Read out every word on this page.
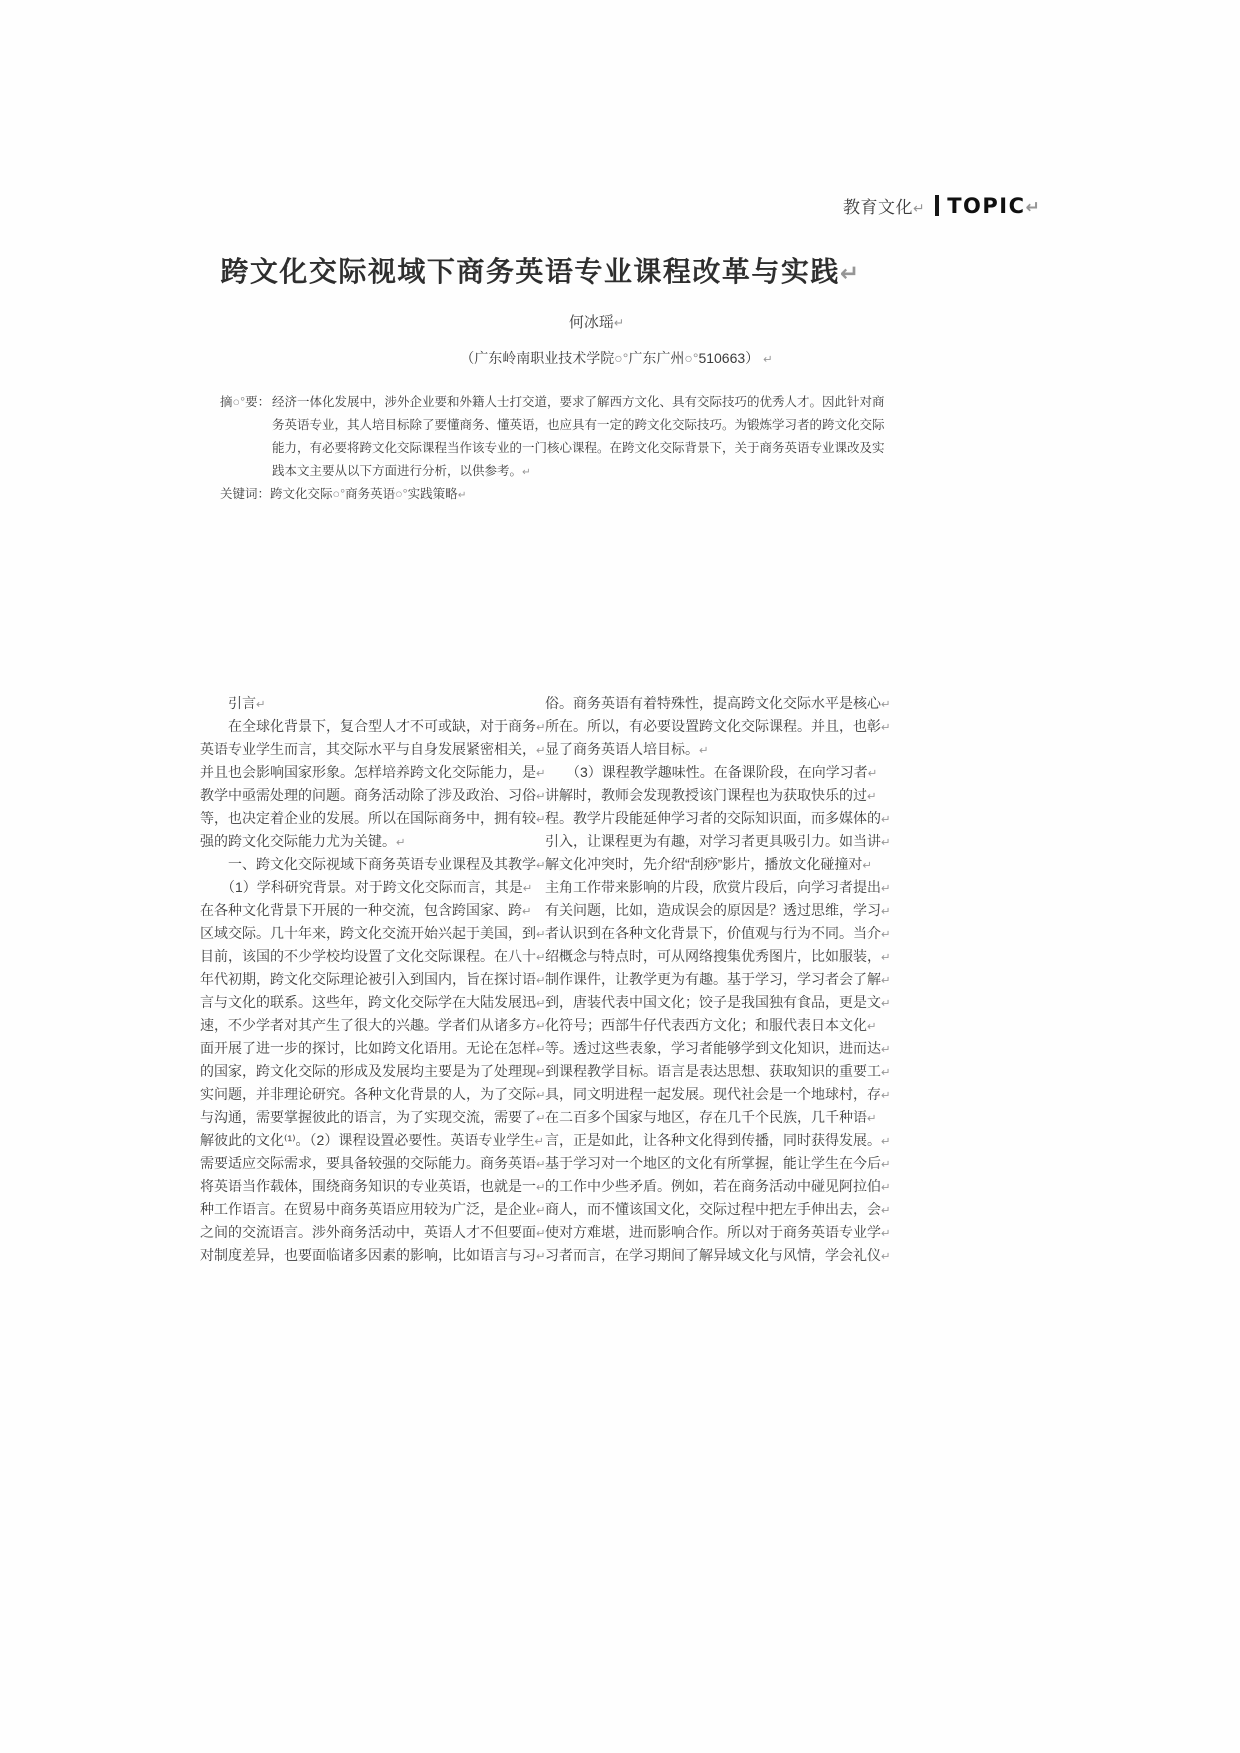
教育文化↵ TOPIC↵
跨文化交际视域下商务英语专业课程改革与实践↵
何冰瑶↵
（广东岭南职业技术学院○°广东广州○°510663） ↵
摘○°要： 经济一体化发展中，涉外企业要和外籍人士打交道，要求了解西方文化、具有交际技巧的优秀人才。因此针对商
务英语专业，其人培目标除了要懂商务、懂英语，也应具有一定的跨文化交际技巧。为锻炼学习者的跨文化交际
能力，有必要将跨文化交际课程当作该专业的一门核心课程。在跨文化交际背景下，关于商务英语专业课改及实
践本文主要从以下方面进行分析，以供参考。↵
关键词： 跨文化交际○°商务英语○°实践策略↵
　　引言↵
　　在全球化背景下，复合型人才不可或缺，对于商务↵
英语专业学生而言，其交际水平与自身发展紧密相关，↵
并且也会影响国家形象。怎样培养跨文化交际能力，是↵
教学中亟需处理的问题。商务活动除了涉及政治、习俗↵
等，也决定着企业的发展。所以在国际商务中，拥有较↵
强的跨文化交际能力尤为关键。↵
　　一、跨文化交际视域下商务英语专业课程及其教学↵
　　（1）学科研究背景。对于跨文化交际而言，其是↵
在各种文化背景下开展的一种交流，包含跨国家、跨↵
区域交际。几十年来，跨文化交流开始兴起于美国，到↵
目前，该国的不少学校均设置了文化交际课程。在八十↵
年代初期，跨文化交际理论被引入到国内，旨在探讨语↵
言与文化的联系。这些年，跨文化交际学在大陆发展迅↵
速，不少学者对其产生了很大的兴趣。学者们从诸多方↵
面开展了进一步的探讨，比如跨文化语用。无论在怎样↵
的国家，跨文化交际的形成及发展均主要是为了处理现↵
实问题，并非理论研究。各种文化背景的人，为了交际↵
与沟通，需要掌握彼此的语言，为了实现交流，需要了↵
解彼此的文化⁽¹⁾。（2）课程设置必要性。英语专业学生↵
需要适应交际需求，要具备较强的交际能力。商务英语↵
将英语当作载体，围绕商务知识的专业英语，也就是一↵
种工作语言。在贸易中商务英语应用较为广泛，是企业↵
之间的交流语言。涉外商务活动中，英语人才不但要面↵
对制度差异，也要面临诸多因素的影响，比如语言与习↵
俗。商务英语有着特殊性，提高跨文化交际水平是核心↵
所在。所以，有必要设置跨文化交际课程。并且，也彰↵
显了商务英语人培目标。↵
　　（3）课程教学趣味性。在备课阶段，在向学习者↵
讲解时，教师会发现教授该门课程也为获取快乐的过↵
程。教学片段能延伸学习者的交际知识面，而多媒体的↵
引入，让课程更为有趣，对学习者更具吸引力。如当讲↵
解文化冲突时，先介绍“刮痧”影片，播放文化碰撞对↵
主角工作带来影响的片段，欣赏片段后，向学习者提出↵
有关问题，比如，造成误会的原因是？透过思维，学习↵
者认识到在各种文化背景下，价值观与行为不同。当介↵
绍概念与特点时，可从网络搜集优秀图片，比如服装，↵
制作课件，让教学更为有趣。基于学习，学习者会了解↵
到，唐装代表中国文化；饺子是我国独有食品，更是文↵
化符号；西部牛仔代表西方文化；和服代表日本文化↵
等。透过这些表象，学习者能够学到文化知识，进而达↵
到课程教学目标。语言是表达思想、获取知识的重要工↵
具，同文明进程一起发展。现代社会是一个地球村，存↵
在二百多个国家与地区，存在几千个民族，几千种语↵
言，正是如此，让各种文化得到传播，同时获得发展。↵
基于学习对一个地区的文化有所掌握，能让学生在今后↵
的工作中少些矛盾。例如，若在商务活动中碰见阿拉伯↵
商人，而不懂该国文化，交际过程中把左手伸出去，会↵
使对方难堪，进而影响合作。所以对于商务英语专业学↵
习者而言，在学习期间了解异域文化与风情，学会礼仪↵
